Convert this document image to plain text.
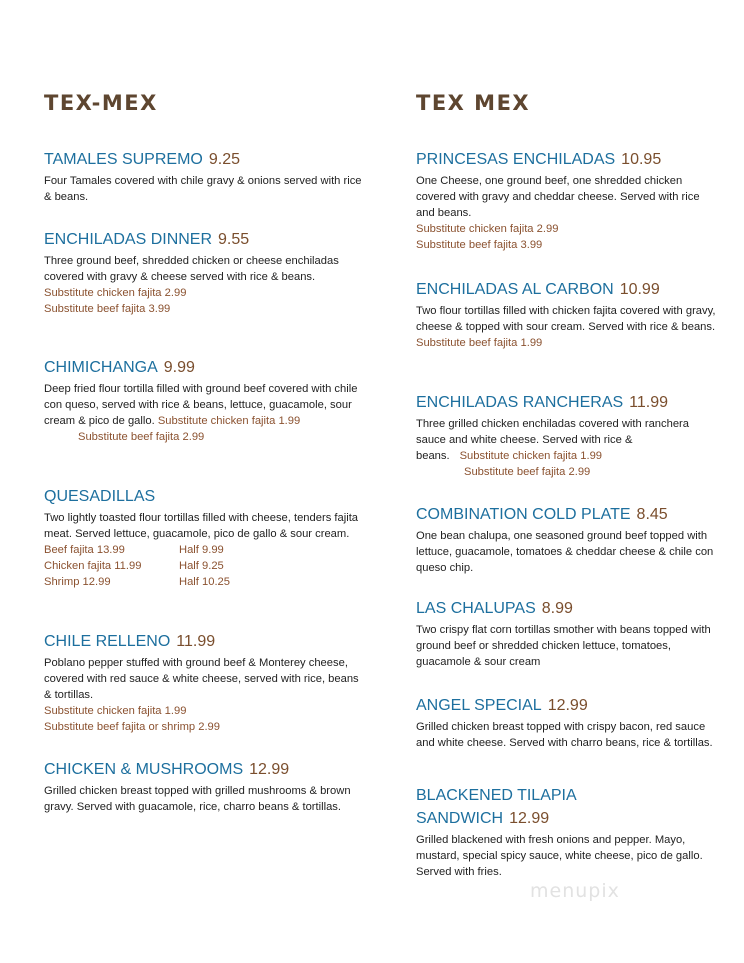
TEX-MEX
TAMALES SUPREMO 9.25
Four Tamales covered with chile gravy & onions served with rice & beans.
ENCHILADAS DINNER 9.55
Three ground beef, shredded chicken or cheese enchiladas covered with gravy & cheese served with rice & beans.
Substitute chicken fajita 2.99
Substitute beef fajita 3.99
CHIMICHANGA 9.99
Deep fried flour tortilla filled with ground beef covered with chile con queso, served with rice & beans, lettuce, guacamole, sour cream & pico de gallo. Substitute chicken fajita 1.99
Substitute beef fajita 2.99
QUESADILLAS
Two lightly toasted flour tortillas filled with cheese, tenders fajita meat. Served lettuce, guacamole, pico de gallo & sour cream.
Beef fajita 13.99	Half 9.99
Chicken fajita 11.99	Half 9.25
Shrimp 12.99	Half 10.25
CHILE RELLENO 11.99
Poblano pepper stuffed with ground beef & Monterey cheese, covered with red sauce & white cheese, served with rice, beans & tortillas.
Substitute chicken fajita 1.99
Substitute beef fajita or shrimp 2.99
CHICKEN & MUSHROOMS 12.99
Grilled chicken breast topped with grilled mushrooms & brown gravy. Served with guacamole, rice, charro beans & tortillas.
TEX MEX
PRINCESAS ENCHILADAS 10.95
One Cheese, one ground beef, one shredded chicken covered with gravy and cheddar cheese. Served with rice and beans.
Substitute chicken fajita 2.99
Substitute beef fajita 3.99
ENCHILADAS AL CARBON 10.99
Two flour tortillas filled with chicken fajita covered with gravy, cheese & topped with sour cream. Served with rice & beans.
Substitute beef fajita 1.99
ENCHILADAS RANCHERAS 11.99
Three grilled chicken enchiladas covered with ranchera sauce and white cheese. Served with rice &
beans. Substitute chicken fajita 1.99
Substitute beef fajita 2.99
COMBINATION COLD PLATE 8.45
One bean chalupa, one seasoned ground beef topped with lettuce, guacamole, tomatoes & cheddar cheese & chile con queso chip.
LAS CHALUPAS 8.99
Two crispy flat corn tortillas smother with beans topped with ground beef or shredded chicken lettuce, tomatoes, guacamole & sour cream
ANGEL SPECIAL 12.99
Grilled chicken breast topped with crispy bacon, red sauce and white cheese. Served with charro beans, rice & tortillas.
BLACKENED TILAPIA
SANDWICH 12.99
Grilled blackened with fresh onions and pepper. Mayo, mustard, special spicy sauce, white cheese, pico de gallo. Served with fries.
menupix
